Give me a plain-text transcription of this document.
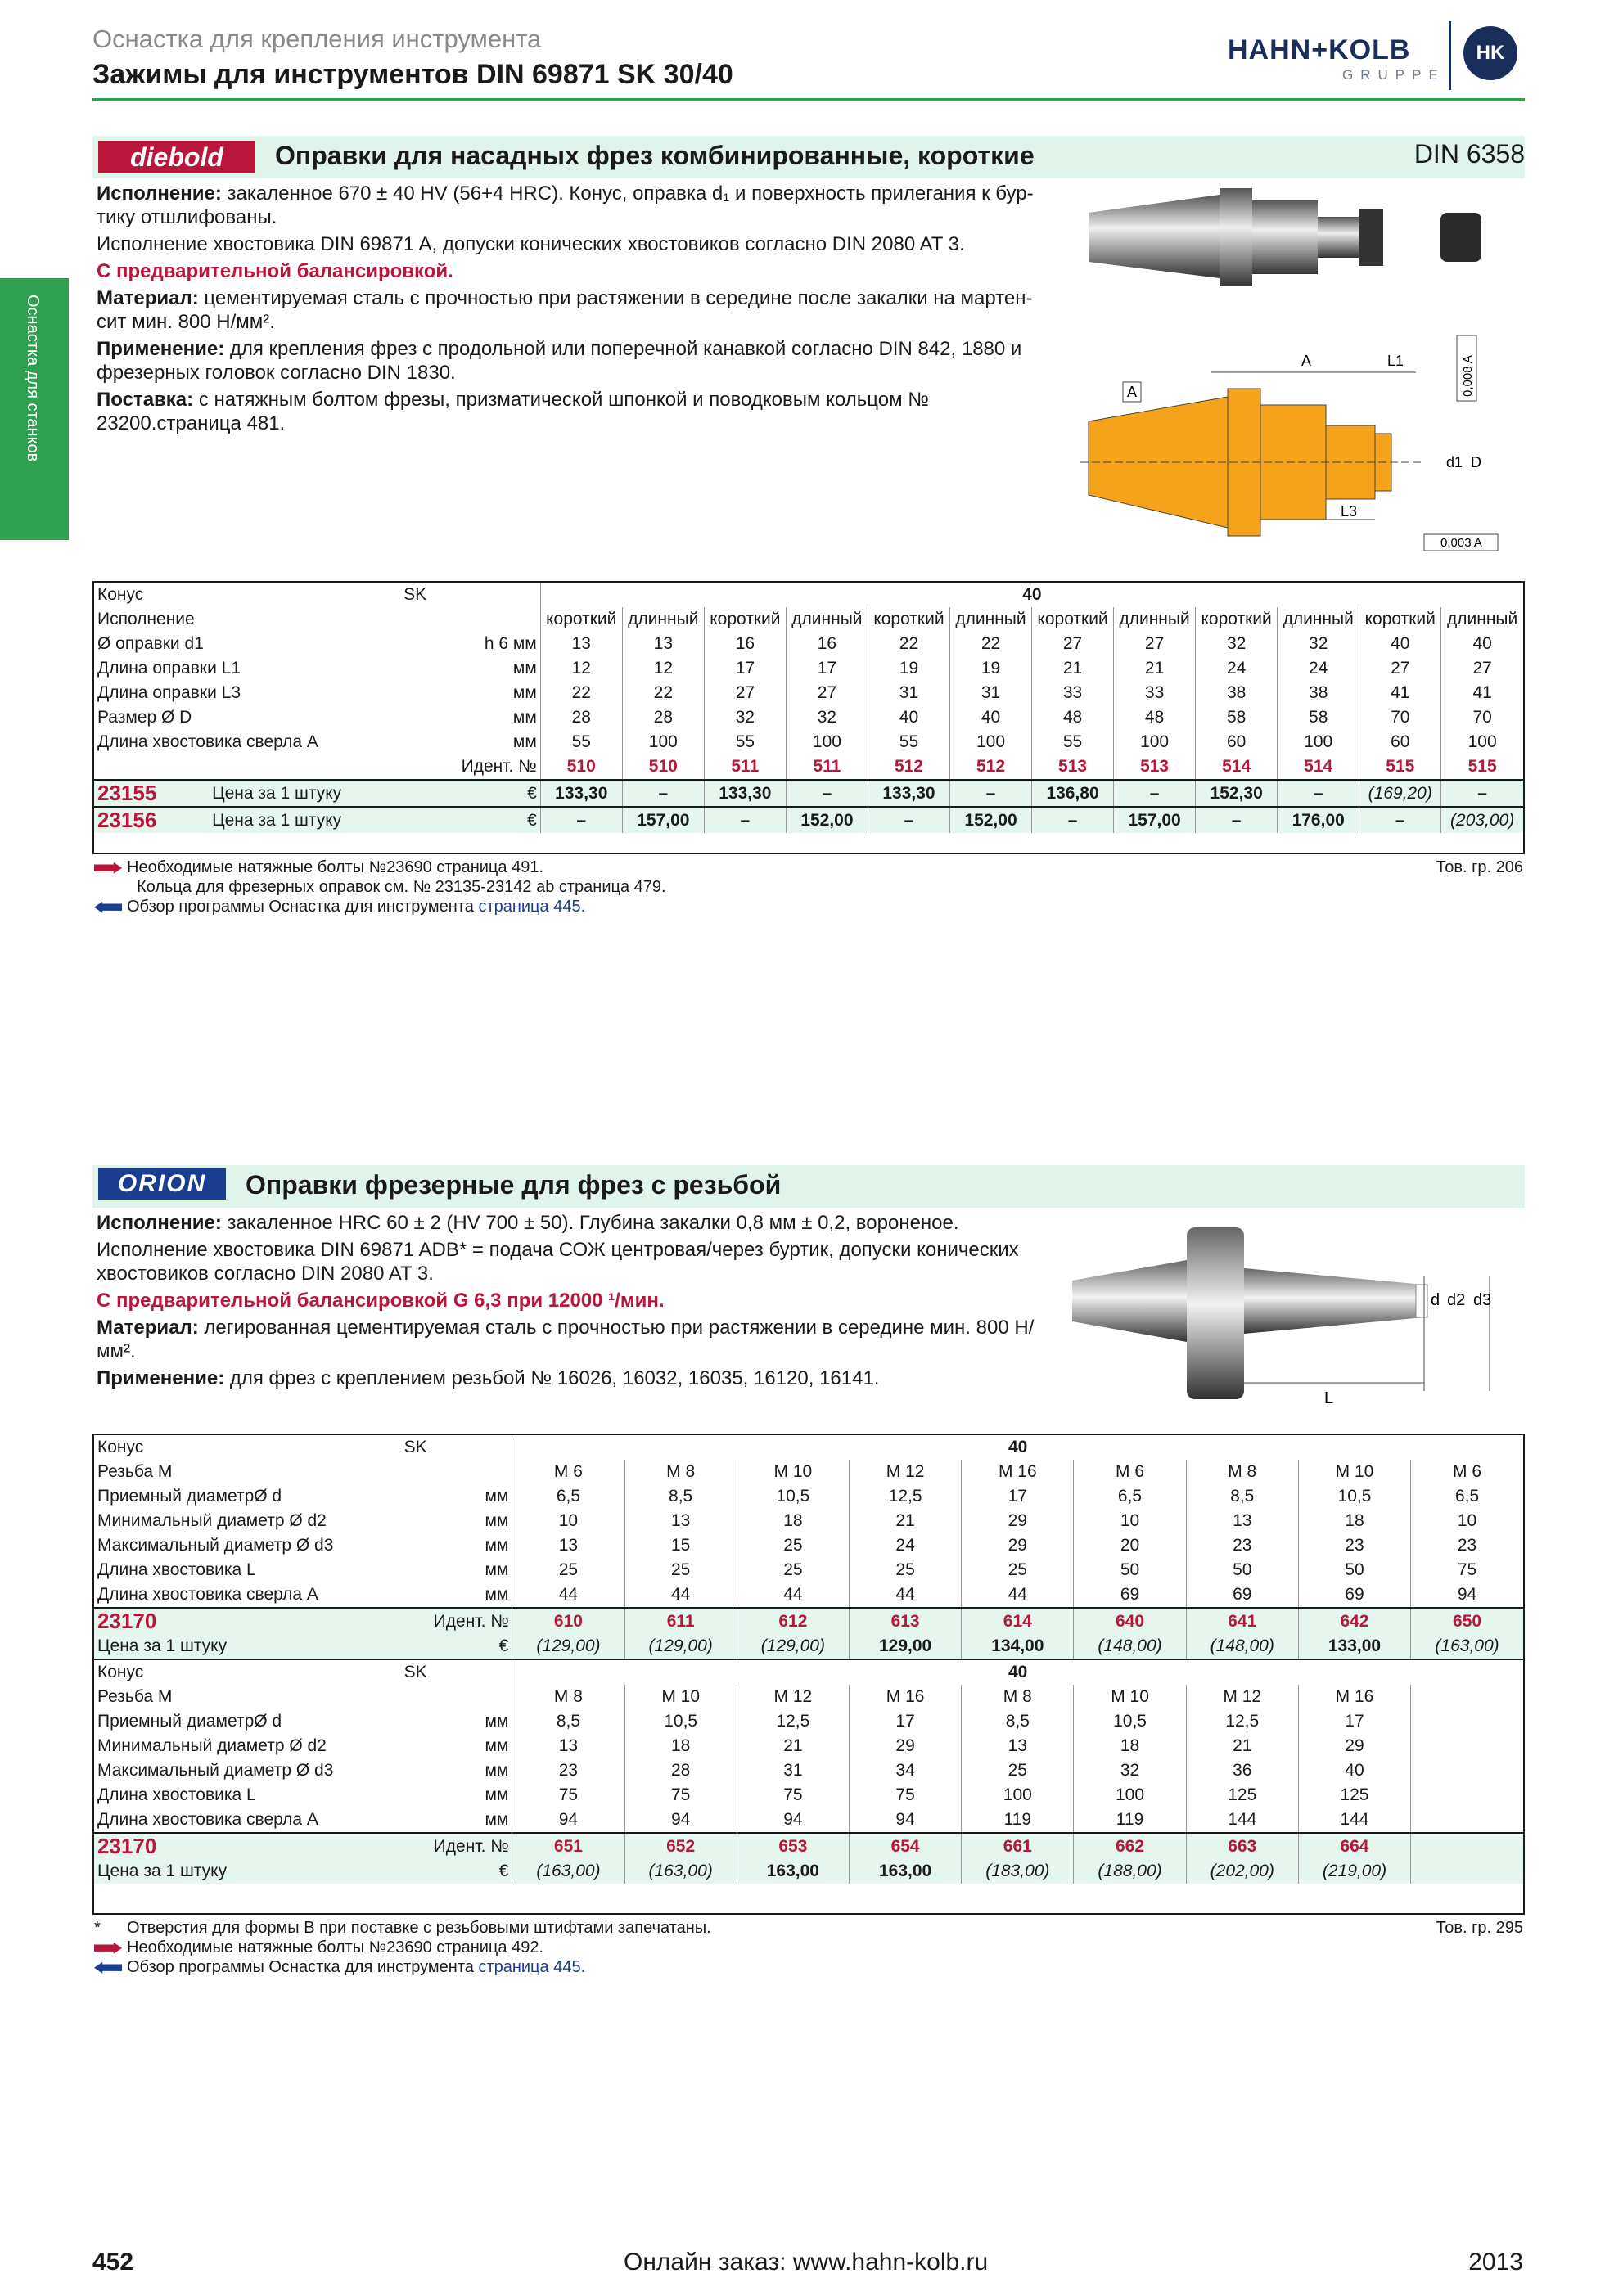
Оснастка для крепления инструмента
Зажимы для инструментов DIN 69871 SK 30/40
HAHN+KOLB
GRUPPE
HK
Оснастка для станков
diebold	Оправки для насадных фрез комбинированные, короткие	DIN 6358

Исполнение: закаленное 670 ± 40 HV (56+4 HRC). Конус, оправка d₁ и поверхность прилегания к бур-тику отшлифованы.

Исполнение хвостовика DIN 69871 A, допуски конических хвостовиков согласно DIN 2080 AT 3.

С предварительной балансировкой.

Материал: цементируемая сталь с прочностью при растяжении в середине после закалки на мартен-сит мин. 800 Н/мм².

Применение: для крепления фрез с продольной или поперечной канавкой согласно DIN 842, 1880 и фрезерных головок согласно DIN 1830.

Поставка: с натяжным болтом фрезы, призматической шпонкой и поводковым кольцом № 23200.страница 481.

A	L1
L3
d1 D
A	0,008 A
0,003 A
Конус	SK		40											
Исполнение			короткий	длинный	короткий	длинный	короткий	длинный	короткий	длинный	короткий	длинный	короткий	длинный
Ø оправки d1		h 6 мм	13	13	16	16	22	22	27	27	32	32	40	40
Длина оправки L1		мм	12	12	17	17	19	19	21	21	24	24	27	27
Длина оправки L3		мм	22	22	27	27	31	31	33	33	38	38	41	41
Размер Ø D		мм	28	28	32	32	40	40	48	48	58	58	70	70
Длина хвостовика сверла A		мм	55	100	55	100	55	100	55	100	60	100	60	100
Идент. №			510	510	511	511	512	512	513	513	514	514	515	515
23155	Цена за 1 штуку	€	133,30	–	133,30	–	133,30	–	136,80	–	152,30	–	(169,20)	–
23156	Цена за 1 штуку	€	–	157,00	–	152,00	–	152,00	–	157,00	–	176,00	–	(203,00)
Необходимые натяжные болты №23690 страница 491.
Кольца для фрезерных оправок см. № 23135-23142 ab страница 479.
Обзор программы Оснастка для инструмента страница 445.
Тов. гр. 206
ORION	Оправки фрезерные для фрез с резьбой

Исполнение: закаленное HRC 60 ± 2 (HV 700 ± 50). Глубина закалки 0,8 мм ± 0,2, вороненое.

Исполнение хвостовика DIN 69871 ADB* = подача СОЖ центровая/через буртик, допуски конических хвостовиков согласно DIN 2080 AT 3.

С предварительной балансировкой G 6,3 при 12000 ¹/мин.

Материал: легированная цементируемая сталь с прочностью при растяжении в середине мин. 800 Н/мм².

Применение: для фрез с креплением резьбой № 16026, 16032, 16035, 16120, 16141.

d d2 d3
L
Конус	SK		40								
Резьба М			M 6	M 8	M 10	M 12	M 16	M 6	M 8	M 10	M 6
Приемный диаметрØ d		мм	6,5	8,5	10,5	12,5	17	6,5	8,5	10,5	6,5
Минимальный диаметр Ø d2		мм	10	13	18	21	29	10	13	18	10
Максимальный диаметр Ø d3		мм	13	15	25	24	29	20	23	23	23
Длина хвостовика L		мм	25	25	25	25	25	50	50	50	75
Длина хвостовика сверла A		мм	44	44	44	44	44	69	69	69	94
23170		Идент. №	610	611	612	613	614	640	641	642	650
Цена за 1 штуку		€	(129,00)	(129,00)	(129,00)	129,00	134,00	(148,00)	(148,00)	133,00	(163,00)
Конус	SK		40								
Резьба М			M 8	M 10	M 12	M 16	M 8	M 10	M 12	M 16	
Приемный диаметрØ d		мм	8,5	10,5	12,5	17	8,5	10,5	12,5	17	
Минимальный диаметр Ø d2		мм	13	18	21	29	13	18	21	29	
Максимальный диаметр Ø d3		мм	23	28	31	34	25	32	36	40	
Длина хвостовика L		мм	75	75	75	75	100	100	125	125	
Длина хвостовика сверла A		мм	94	94	94	94	119	119	144	144	
23170		Идент. №	651	652	653	654	661	662	663	664	
Цена за 1 штуку		€	(163,00)	(163,00)	163,00	163,00	(183,00)	(188,00)	(202,00)	(219,00)	
* Отверстия для формы B при поставке с резьбовыми штифтами запечатаны.
Необходимые натяжные болты №23690 страница 492.
Обзор программы Оснастка для инструмента страница 445.
Тов. гр. 295
452	Онлайн заказ: www.hahn-kolb.ru	2013
